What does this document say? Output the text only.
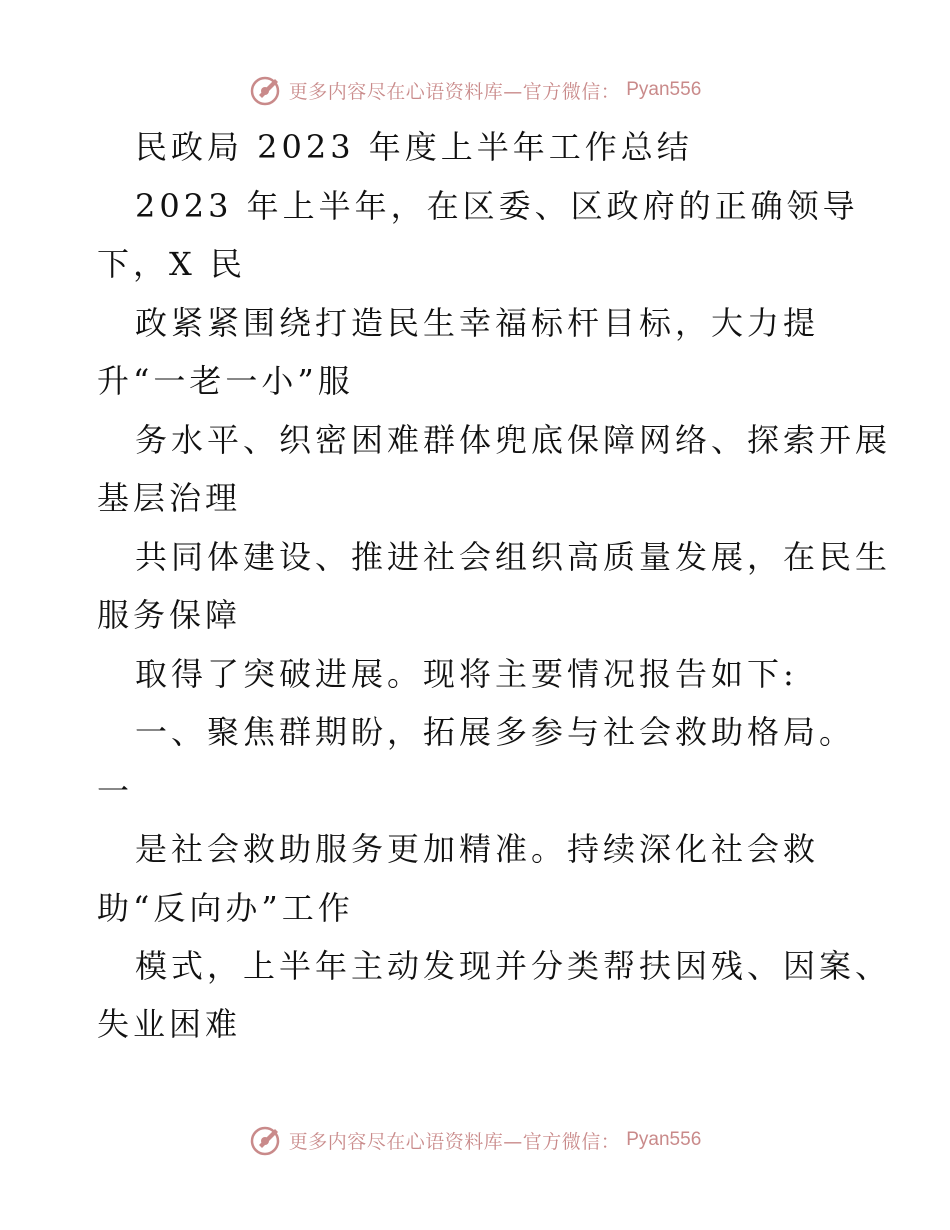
更多内容尽在心语资料库—官方微信： Pyan556
民政局 2023 年度上半年工作总结
2023 年上半年，在区委、区政府的正确领导
下，X 民
政紧紧围绕打造民生幸福标杆目标，大力提
升“一老一小”服
务水平、织密困难群体兜底保障网络、探索开展
基层治理
共同体建设、推进社会组织高质量发展，在民生
服务保障
取得了突破进展。现将主要情况报告如下:
一、聚焦群期盼，拓展多参与社会救助格局。
一
是社会救助服务更加精准。持续深化社会救
助“反向办”工作
模式，上半年主动发现并分类帮扶因残、因案、
失业困难
更多内容尽在心语资料库—官方微信： Pyan556
